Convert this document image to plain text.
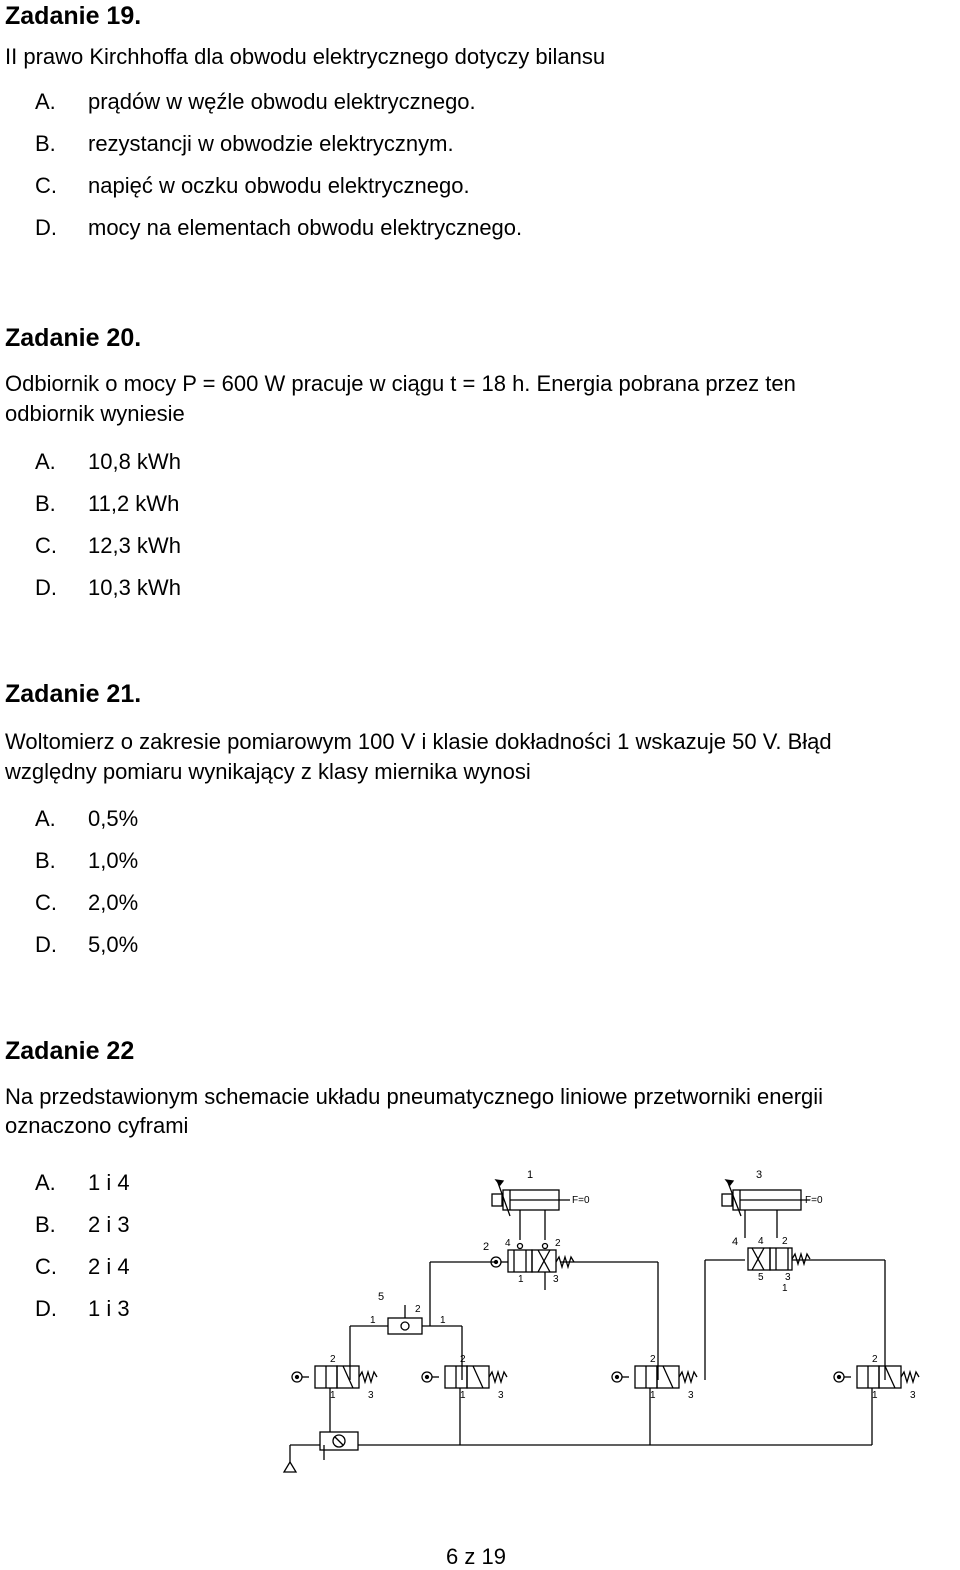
Zadanie 19.
II prawo Kirchhoffa dla obwodu elektrycznego dotyczy bilansu
A. prądów w węźle obwodu elektrycznego.
B. rezystancji w obwodzie elektrycznym.
C. napięć w oczku obwodu elektrycznego.
D. mocy na elementach obwodu elektrycznego.
Zadanie 20.
Odbiornik o mocy P = 600 W pracuje w ciągu t = 18 h. Energia pobrana przez ten
odbiornik wyniesie
A. 10,8 kWh
B. 11,2 kWh
C. 12,3 kWh
D. 10,3 kWh
Zadanie 21.
Woltomierz o zakresie pomiarowym 100 V i klasie dokładności 1 wskazuje 50 V. Błąd
względny pomiaru wynikający z klasy miernika wynosi
A. 0,5%
B. 1,0%
C. 2,0%
D. 5,0%
Zadanie 22
Na przedstawionym schemacie układu pneumatycznego liniowe przetworniki energii
oznaczono cyframi
A. 1 i 4
B. 2 i 3
C. 2 i 4
D. 1 i 3
1
F=0
2 4	2
1	3
3
F=0
4 4 2
5 3
1
5
2
1	1
2
1	3
2
1	3
2
1	3
2
1	3
6 z 19
